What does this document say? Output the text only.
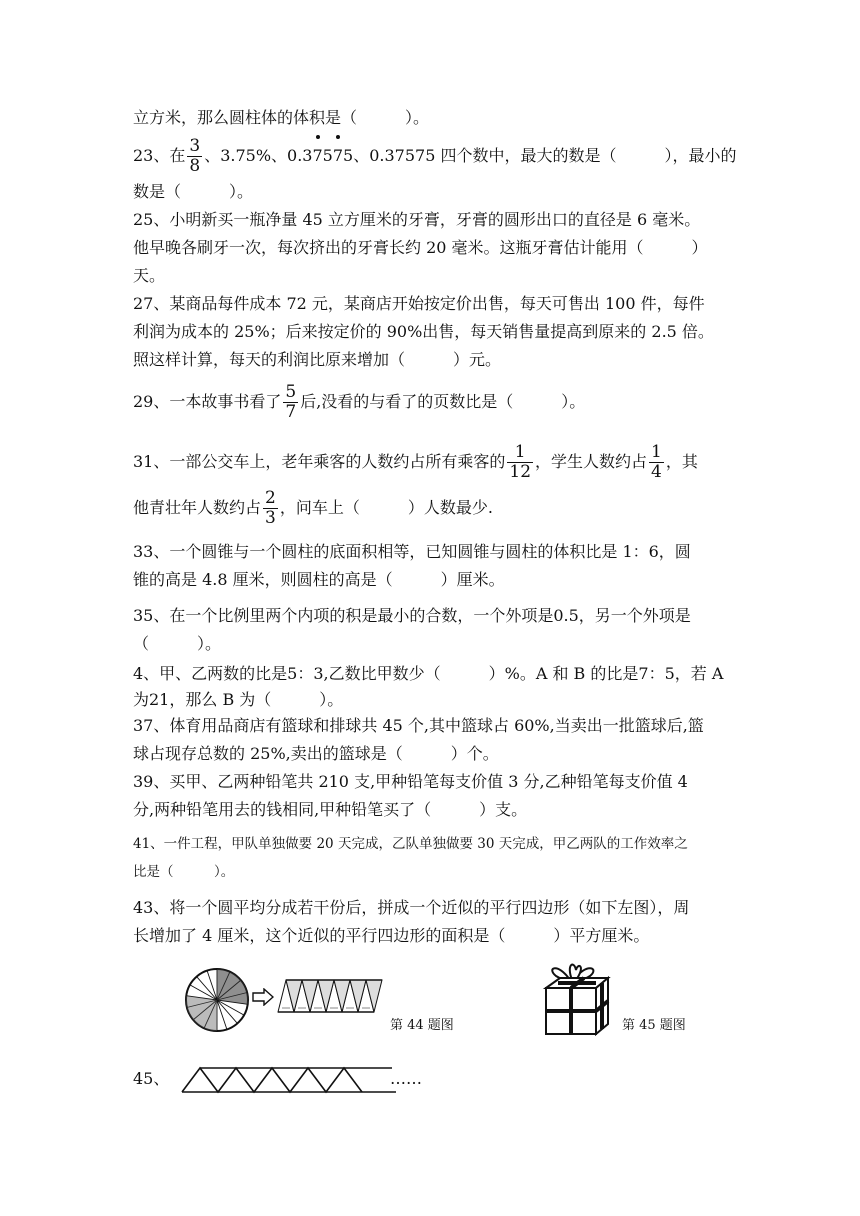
立方米，那么圆柱体的体积是（　　　）。
23、在 $\frac{3}{8}$ 、3.75%、0.37575、0.37575 四个数中，最大的数是（　　　），最小的
数是（　　　）。
25、小明新买一瓶净量 45 立方厘米的牙膏，牙膏的圆形出口的直径是 6 毫米。
他早晚各刷牙一次，每次挤出的牙膏长约 20 毫米。这瓶牙膏估计能用（　　　）
天。
27、某商品每件成本 72 元，某商店开始按定价出售，每天可售出 100 件，每件
利润为成本的 25%；后来按定价的 90%出售，每天销售量提高到原来的 2.5 倍。
照这样计算，每天的利润比原来增加（　　　）元。
29、一本故事书看了 $\frac{5}{7}$ 后,没看的与看了的页数比是（　　　）。
31、一部公交车上，老年乘客的人数约占所有乘客的 $\frac{1}{12}$ ，学生人数约占 $\frac{1}{4}$ ，其
他青壮年人数约占 $\frac{2}{3}$ ，问车上（　　　）人数最少.
33、一个圆锥与一个圆柱的底面积相等，已知圆锥与圆柱的体积比是 1：6，圆
锥的高是 4.8 厘米，则圆柱的高是（　　　）厘米。
35、在一个比例里两个内项的积是最小的合数，一个外项是0.5，另一个外项是
（　　　）。
4、甲、乙两数的比是5：3,乙数比甲数少（　　　）%。A 和 B 的比是7：5，若 A
为21，那么 B 为（　　　）。
37、体育用品商店有篮球和排球共 45 个,其中篮球占 60%,当卖出一批篮球后,篮
球占现存总数的 25%,卖出的篮球是（　　　）个。
39、买甲、乙两种铅笔共 210 支,甲种铅笔每支价值 3 分,乙种铅笔每支价值 4
分,两种铅笔用去的钱相同,甲种铅笔买了（　　　）支。
41、一件工程，甲队单独做要 20 天完成，乙队单独做要 30 天完成，甲乙两队的工作效率之
比是（　　　）。
43、将一个圆平均分成若干份后，拼成一个近似的平行四边形（如下左图），周
长增加了 4 厘米，这个近似的平行四边形的面积是（　　　）平方厘米。
第 44 题图	第 45 题图
45、	……
